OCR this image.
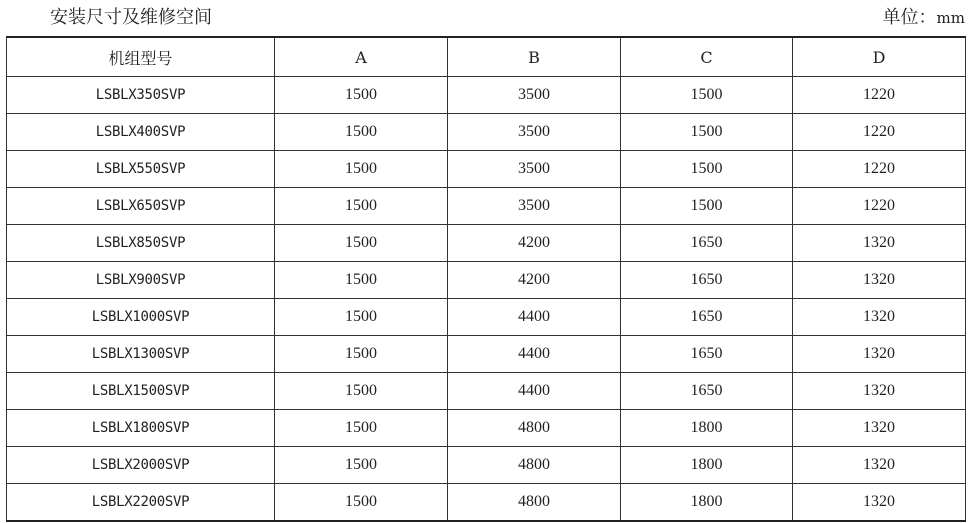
安装尺寸及维修空间	单位：mm
机组型号	A	B	C	D
LSBLX350SVP	1500	3500	1500	1220
LSBLX400SVP	1500	3500	1500	1220
LSBLX550SVP	1500	3500	1500	1220
LSBLX650SVP	1500	3500	1500	1220
LSBLX850SVP	1500	4200	1650	1320
LSBLX900SVP	1500	4200	1650	1320
LSBLX1000SVP	1500	4400	1650	1320
LSBLX1300SVP	1500	4400	1650	1320
LSBLX1500SVP	1500	4400	1650	1320
LSBLX1800SVP	1500	4800	1800	1320
LSBLX2000SVP	1500	4800	1800	1320
LSBLX2200SVP	1500	4800	1800	1320
